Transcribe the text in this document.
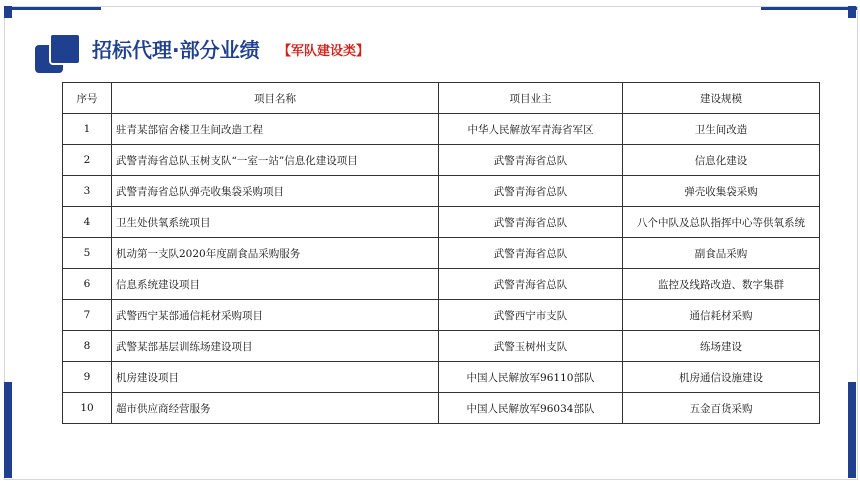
招标代理·部分业绩 【军队建设类】
序号	项目名称	项目业主	建设规模
1	驻青某部宿舍楼卫生间改造工程	中华人民解放军青海省军区	卫生间改造
2	武警青海省总队玉树支队“一室一站”信息化建设项目	武警青海省总队	信息化建设
3	武警青海省总队弹壳收集袋采购项目	武警青海省总队	弹壳收集袋采购
4	卫生处供氧系统项目	武警青海省总队	八个中队及总队指挥中心等供氧系统
5	机动第一支队2020年度副食品采购服务	武警青海省总队	副食品采购
6	信息系统建设项目	武警青海省总队	监控及线路改造、数字集群
7	武警西宁某部通信耗材采购项目	武警西宁市支队	通信耗材采购
8	武警某部基层训练场建设项目	武警玉树州支队	练场建设
9	机房建设项目	中国人民解放军96110部队	机房通信设施建设
10	超市供应商经营服务	中国人民解放军96034部队	五金百货采购
